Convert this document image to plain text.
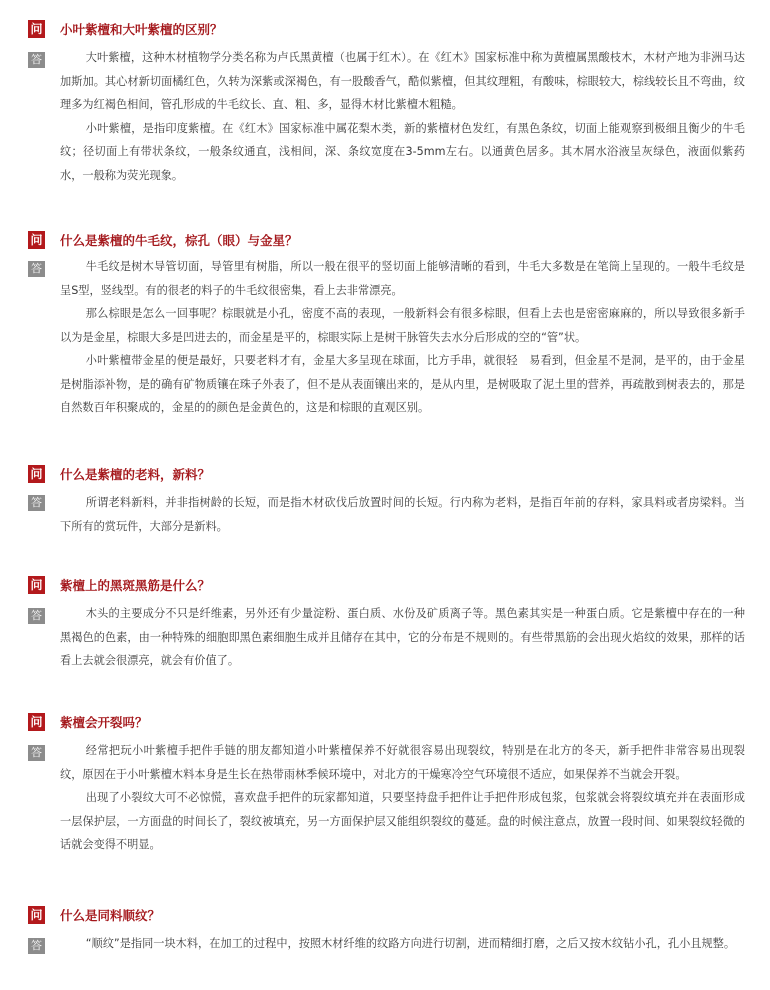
问 小叶紫檀和大叶紫檀的区别？
答	大叶紫檀，这种木材植物学分类名称为卢氏黑黄檀（也属于红木）。在《红木》国家标准中称为黄檀属黑酸枝木，木材产地为非洲马达加斯加。其心材新切面橘红色，久转为深紫或深褐色，有一股酸香气，酷似紫檀，但其纹理粗，有酸味，棕眼较大，棕线较长且不弯曲，纹理多为红褐色相间，管孔形成的牛毛纹长、直、粗、多，显得木材比紫檀木粗糙。

小叶紫檀，是指印度紫檀。在《红木》国家标准中属花梨木类，新的紫檀材色发红，有黑色条纹，切面上能观察到极细且衡少的牛毛纹；径切面上有带状条纹，一般条纹通直，浅相间，深、条纹宽度在3-5mm左右。以通黄色居多。其木屑水浴液呈灰绿色，液面似紫药水，一般称为荧光现象。

问 什么是紫檀的牛毛纹，棕孔（眼）与金星？
答	牛毛纹是树木导管切面，导管里有树脂，所以一般在很平的竖切面上能够清晰的看到，牛毛大多数是在笔筒上呈现的。一般牛毛纹是呈S型，竖线型。有的很老的料子的牛毛纹很密集，看上去非常漂亮。

那么棕眼是怎么一回事呢？棕眼就是小孔，密度不高的表现，一般新料会有很多棕眼，但看上去也是密密麻麻的，所以导致很多新手以为是金星，棕眼大多是凹进去的，而金星是平的，棕眼实际上是树干脉管失去水分后形成的空的“管”状。

小叶紫檀带金星的便是最好，只要老料才有，金星大多呈现在球面，比方手串，就很轻　易看到，但金星不是洞，是平的，由于金星是树脂添补物，是的确有矿物质镶在珠子外表了，但不是从表面镶出来的，是从内里，是树吸取了泥土里的营养，再疏散到树表去的，那是自然数百年积聚成的，金星的的颜色是金黄色的，这是和棕眼的直观区别。

问 什么是紫檀的老料，新料？
答	所谓老料新料，并非指树龄的长短，而是指木材砍伐后放置时间的长短。行内称为老料，是指百年前的存料，家具料或者房梁料。当下所有的赏玩件，大部分是新料。

问 紫檀上的黑斑黑筋是什么？
答	木头的主要成分不只是纤维素，另外还有少量淀粉、蛋白质、水份及矿质离子等。黑色素其实是一种蛋白质。它是紫檀中存在的一种黑褐色的色素，由一种特殊的细胞即黑色素细胞生成并且储存在其中，它的分布是不规则的。有些带黑筋的会出现火焰纹的效果，那样的话看上去就会很漂亮，就会有价值了。

问 紫檀会开裂吗？
答	经常把玩小叶紫檀手把件手链的朋友都知道小叶紫檀保养不好就很容易出现裂纹，特别是在北方的冬天，新手把件非常容易出现裂纹，原因在于小叶紫檀木料本身是生长在热带雨林季候环境中，对北方的干燥寒冷空气环境很不适应，如果保养不当就会开裂。

出现了小裂纹大可不必惊慌，喜欢盘手把件的玩家都知道，只要坚持盘手把件让手把件形成包浆，包浆就会将裂纹填充并在表面形成一层保护层，一方面盘的时间长了，裂纹被填充，另一方面保护层又能组织裂纹的蔓延。盘的时候注意点，放置一段时间、如果裂纹轻微的话就会变得不明显。

问 什么是同料顺纹？
答	“顺纹”是指同一块木料，在加工的过程中，按照木材纤维的纹路方向进行切割，进而精细打磨，之后又按木纹钻小孔，孔小且规整。
